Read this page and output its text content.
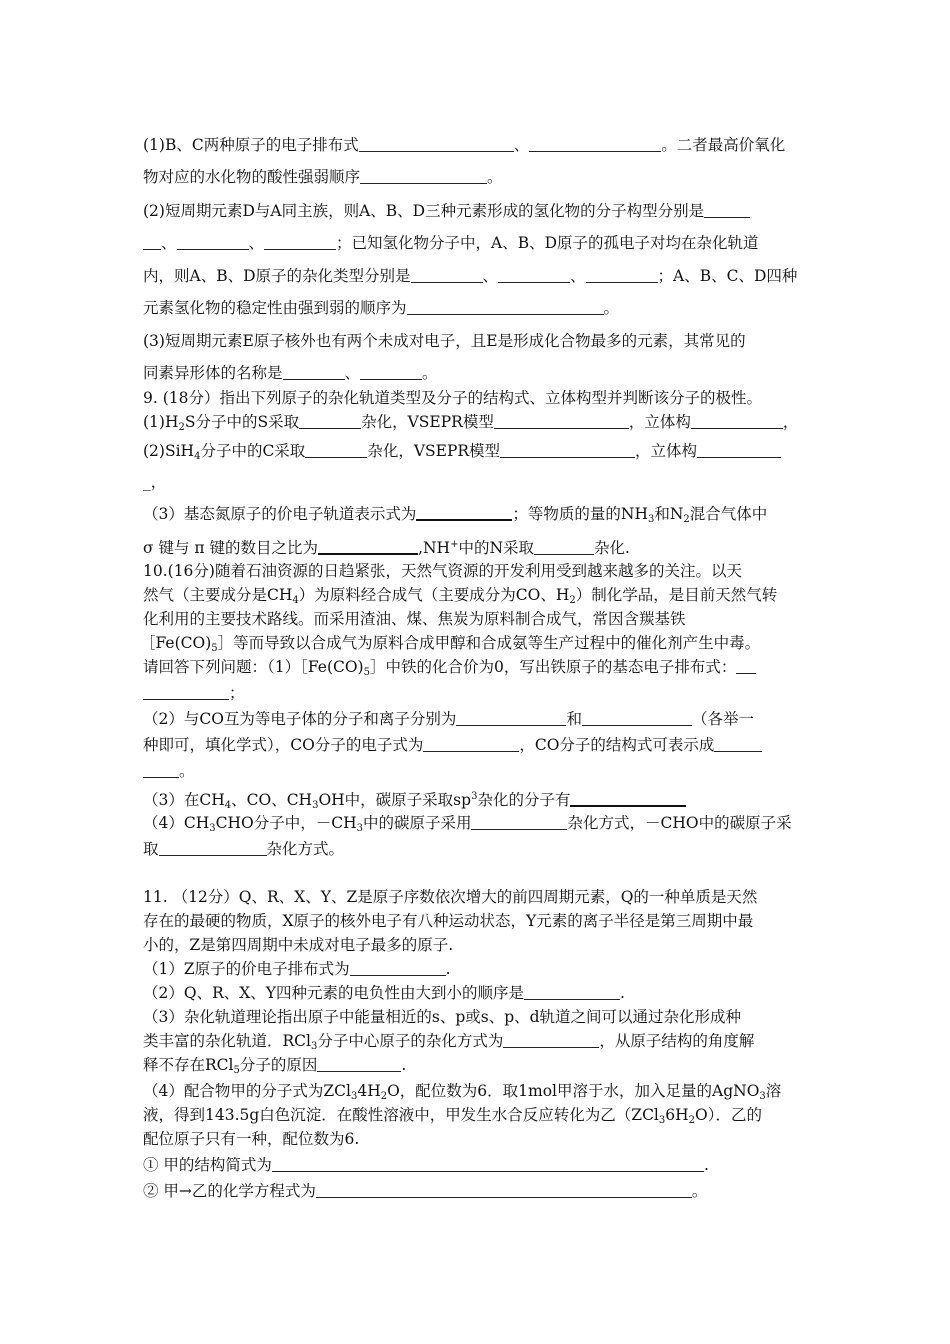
(1)B、C两种原子的电子排布式	、	。二者最高价氧化
物对应的水化物的酸性强弱顺序	。
(2)短周期元素D与A同主族，则A、B、D三种元素形成的氢化物的分子构型分别是
、	、	；已知氢化物分子中，A、B、D原子的孤电子对均在杂化轨道
内，则A、B、D原子的杂化类型分别是	、	、	；A、B、C、D四种
元素氢化物的稳定性由强到弱的顺序为	。
(3)短周期元素E原子核外也有两个未成对电子，且E是形成化合物最多的元素，其常见的
同素异形体的名称是	、	。
9. (18分）指出下列原子的杂化轨道类型及分子的结构式、立体构型并判断该分子的极性。
$(1)H_2S$分子中的S采取	杂化，VSEPR模型	，立体构	，
(2)SiH$_4$分子中的C采取	杂化，VSEPR模型	，立体构
_，
（3）基态氮原子的价电子轨道表示式为	；等物质的量的$NH_3$和$N_2$混合气体中
σ 键与 π 键的数目之比为	,NH+中的N采取	杂化.
10.(16分)随着石油资源的日趋紧张，天然气资源的开发利用受到越来越多的关注。以天
然气（主要成分是$CH_4$）为原料经合成气（主要成分为CO、$H_2$）制化学品，是目前天然气转
化利用的主要技术路线。而采用渣油、煤、焦炭为原料制合成气，常因含羰基铁
$[Fe(CO)_5]$等而导致以合成气为原料合成甲醇和合成氨等生产过程中的催化剂产生中毒。
请回答下列问题：$(1)[Fe(CO)_5]$中铁的化合价为0，写出铁原子的基态电子排布式：
；
（2）与CO互为等电子体的分子和离子分别为	和	（各举一
种即可，填化学式），CO分子的电子式为	，CO分子的结构式可表示成
。
（3）在$CH_4$、CO、$CH_3OH$中，碳原子采取$sp^3$杂化的分子有
$(4)CH_3CHO$分子中，$-CH_3$中的碳原子采用	杂化方式，－CHO中的碳原子采
取	杂化方式。
11. （12分）Q、R、X、Y、Z是原子序数依次增大的前四周期元素，Q的一种单质是天然
存在的最硬的物质，X原子的核外电子有八种运动状态，Y元素的离子半径是第三周期中最
小的，Z是第四周期中未成对电子最多的原子.
（1）Z原子的价电子排布式为	.
（2）Q、R、X、Y四种元素的电负性由大到小的顺序是	.
（3）杂化轨道理论指出原子中能量相近的s、p或s、p、d轨道之间可以通过杂化形成种
类丰富的杂化轨道．RCl$_3$分子中心原子的杂化方式为	，从原子结构的角度解
释不存在RCl$_5$分子的原因	.
（4）配合物甲的分子式为$ZCl_34H_2O$，配位数为6．取1mol甲溶于水，加入足量的AgNO$_3$溶
液，得到143.5g白色沉淀．在酸性溶液中，甲发生水合反应转化为乙$(ZCl_36H_2O)$．乙的
配位原子只有一种，配位数为6.
① 甲的结构简式为	.
② 甲→乙的化学方程式为	。
